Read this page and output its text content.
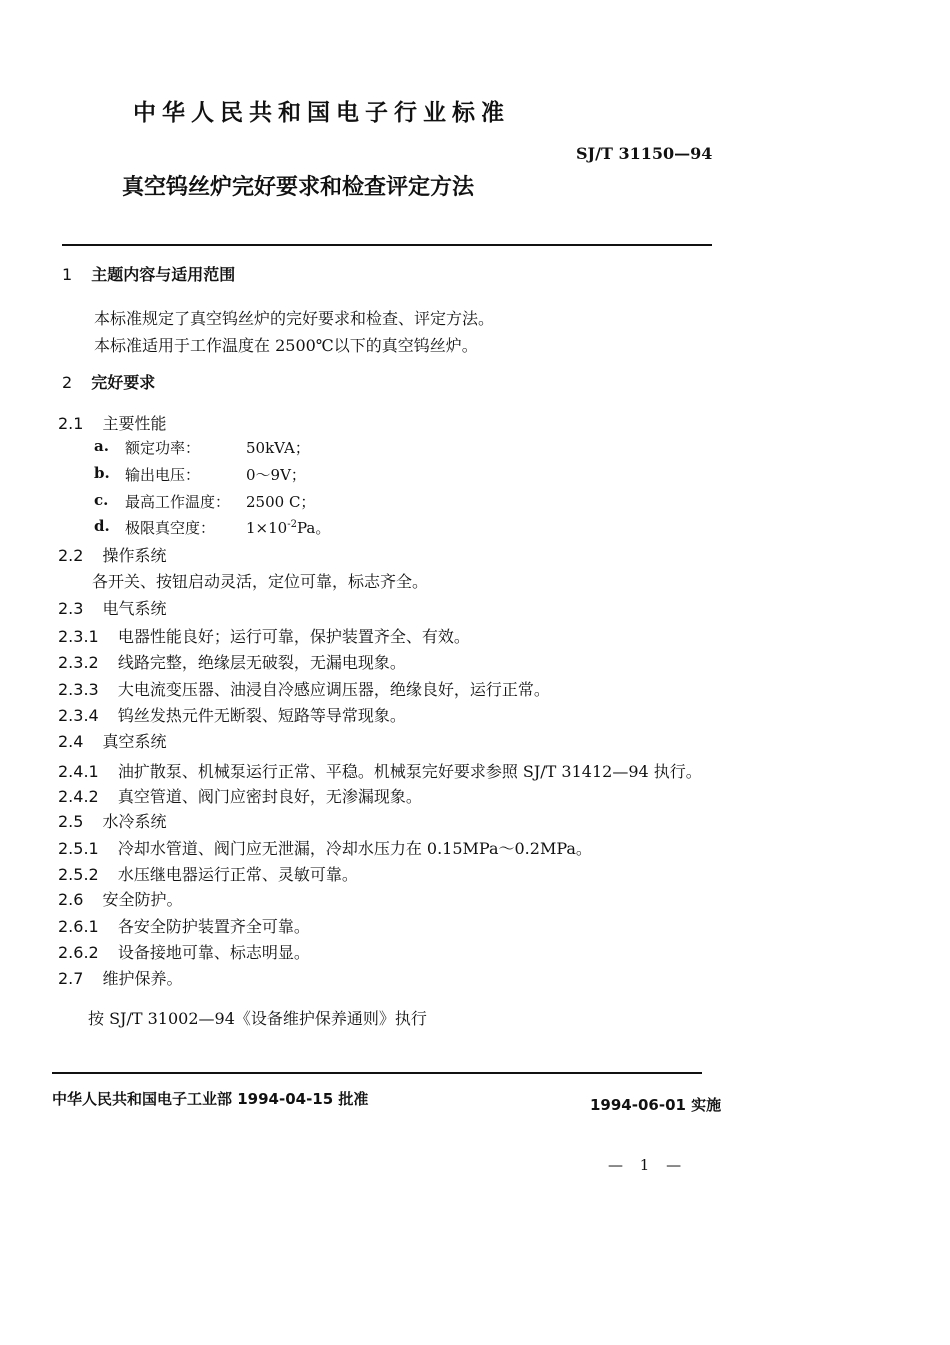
中华人民共和国电子行业标准
SJ/T 31150—94
真空钨丝炉完好要求和检查评定方法
1 主题内容与适用范围
本标准规定了真空钨丝炉的完好要求和检查、评定方法。
本标准适用于工作温度在 2500℃以下的真空钨丝炉。
2 完好要求
2.1 主要性能
a. 额定功率：	50kVA；
b. 输出电压：	0～9V；
c. 最高工作温度： 2500 C；
d. 极限真空度： $1\times 10^{-2}Pa$。
2.2 操作系统
各开关、按钮启动灵活，定位可靠，标志齐全。
2.3 电气系统
2.3.1 电器性能良好；运行可靠，保护装置齐全、有效。
2.3.2 线路完整，绝缘层无破裂，无漏电现象。
2.3.3 大电流变压器、油浸自冷感应调压器，绝缘良好，运行正常。
2.3.4 钨丝发热元件无断裂、短路等导常现象。
2.4 真空系统
2.4.1 油扩散泵、机械泵运行正常、平稳。机械泵完好要求参照 SJ/T 31412—94 执行。
2.4.2 真空管道、阀门应密封良好，无渗漏现象。
2.5 水冷系统
2.5.1 冷却水管道、阀门应无泄漏，冷却水压力在 0.15MPa～0.2MPa。
2.5.2 水压继电器运行正常、灵敏可靠。
2.6 安全防护。
2.6.1 各安全防护装置齐全可靠。
2.6.2 设备接地可靠、标志明显。
2.7 维护保养。
按 SJ/T 31002—94《设备维护保养通则》执行
中华人民共和国电子工业部 1994-04-15 批准	1994-06-01 实施
— 1 —
